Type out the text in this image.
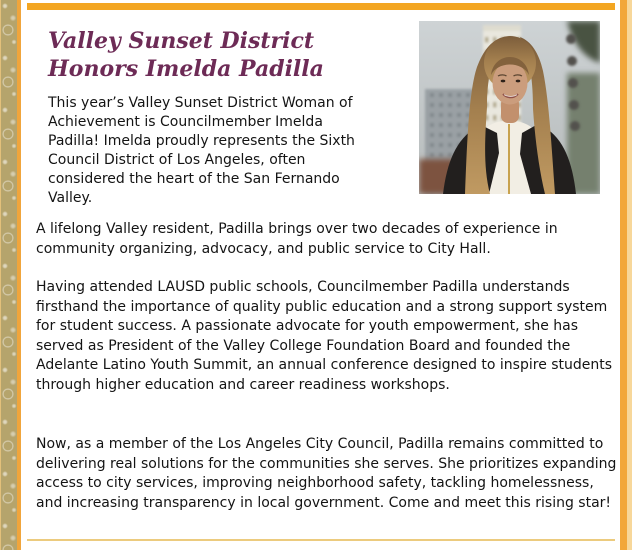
Valley Sunset District Honors Imelda Padilla

This year’s Valley Sunset District Woman of Achievement is Councilmember Imelda Padilla! Imelda proudly represents the Sixth Council District of Los Angeles, often considered the heart of the San Fernando Valley.

A lifelong Valley resident, Padilla brings over two decades of experience in community organizing, advocacy, and public service to City Hall.

Having attended LAUSD public schools, Councilmember Padilla understands firsthand the importance of quality public education and a strong support system for student success. A passionate advocate for youth empowerment, she has served as President of the Valley College Foundation Board and founded the Adelante Latino Youth Summit, an annual conference designed to inspire students through higher education and career readiness workshops.

Now, as a member of the Los Angeles City Council, Padilla remains committed to delivering real solutions for the communities she serves. She prioritizes expanding access to city services, improving neighborhood safety, tackling homelessness, and increasing transparency in local government. Come and meet this rising star!
